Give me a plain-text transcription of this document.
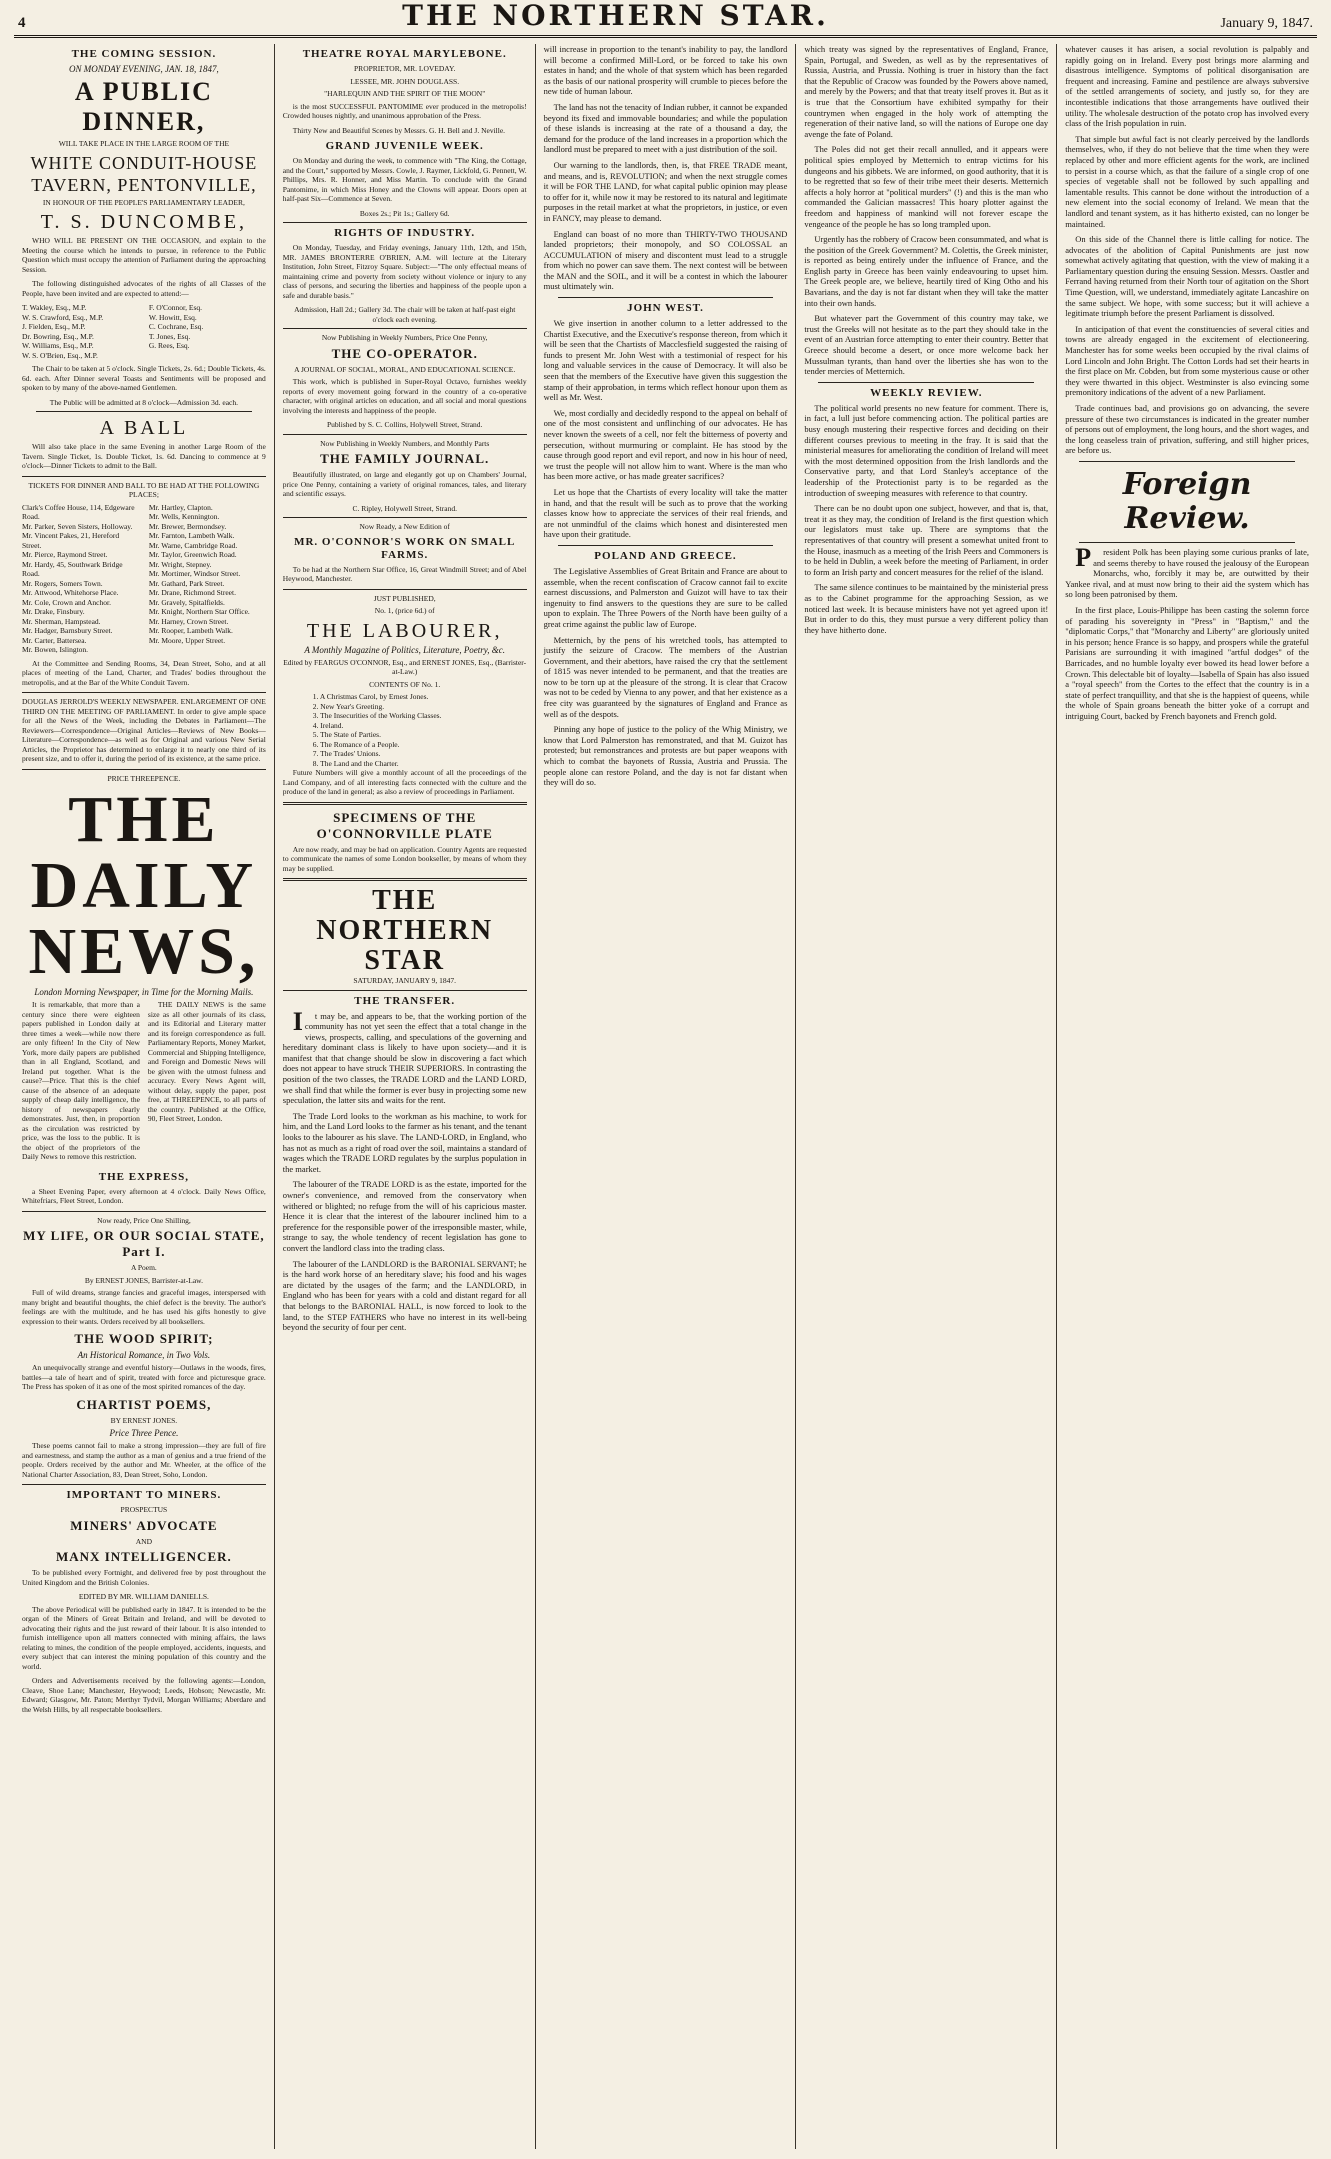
4	THE NORTHERN STAR.	January 9, 1847.
THE COMING SESSION.
ON MONDAY EVENING, JAN. 18, 1847,
A PUBLIC DINNER,
WILL TAKE PLACE IN THE LARGE ROOM OF THE
WHITE CONDUIT-HOUSE TAVERN, PENTONVILLE,
IN HONOUR OF THE PEOPLE'S PARLIAMENTARY LEADER,
T. S. DUNCOMBE,

WHO WILL BE PRESENT ON THE OCCASION, and explain to the Meeting the course which he intends to pursue, in reference to the Public Question which must occupy the attention of Parliament during the approaching Session.

The following distinguished advocates of the rights of all Classes of the People, have been invited and are expected to attend:—

T. Wakley, Esq., M.P.
W. S. Crawford, Esq., M.P.
J. Fielden, Esq., M.P.
Dr. Bowring, Esq., M.P.
W. Williams, Esq., M.P.
W. S. O'Brien, Esq., M.P.
F. O'Connor, Esq.
W. Howitt, Esq.
C. Cochrane, Esq.
T. Jones, Esq.
G. Rees, Esq.

The Chair to be taken at 5 o'clock. Single Tickets, 2s. 6d.; Double Tickets, 4s. 6d. each. After Dinner several Toasts and Sentiments will be proposed and spoken to by many of the above-named Gentlemen.

The Public will be admitted at 8 o'clock—Admission 3d. each.
A BALL

Will also take place in the same Evening in another Large Room of the Tavern. Single Ticket, 1s. Double Ticket, 1s. 6d. Dancing to commence at 9 o'clock—Dinner Tickets to admit to the Ball.

TICKETS FOR DINNER AND BALL TO BE HAD AT THE FOLLOWING PLACES;
Clark's Coffee House, 114, Edgeware Road.
Mr. Parker, Seven Sisters, Holloway.
Mr. Vincent Pakes, 21, Hereford Street.
Mr. Pierce, Raymond Street.
Mr. Hardy, 45, Southwark Bridge Road.
Mr. Rogers, Somers Town.
Mr. Attwood, Whitehorse Place.
Mr. Cole, Crown and Anchor.
Mr. Drake, Finsbury.
Mr. Sherman, Hampstead.
Mr. Hadger, Barnsbury Street.
Mr. Carter, Battersea.
Mr. Bowen, Islington.
Mr. Hartley, Clapton.
Mr. Wells, Kennington.
Mr. Brewer, Bermondsey.
Mr. Farnton, Lambeth Walk.
Mr. Warne, Cambridge Road.
Mr. Taylor, Greenwich Road.
Mr. Wright, Stepney.
Mr. Mortimer, Windsor Street.
Mr. Gathard, Park Street.
Mr. Drane, Richmond Street.
Mr. Gravely, Spitalfields.
Mr. Knight, Northern Star Office.
Mr. Harney, Crown Street.
Mr. Rooper, Lambeth Walk.
Mr. Moore, Upper Street.

At the Committee and Sending Rooms, 34, Dean Street, Soho, and at all places of meeting of the Land, Charter, and Trades' bodies throughout the metropolis, and at the Bar of the White Conduit Tavern.

DOUGLAS JERROLD'S WEEKLY NEWSPAPER. ENLARGEMENT OF ONE THIRD ON THE MEETING OF PARLIAMENT. In order to give ample space for all the News of the Week, including the Debates in Parliament—The Reviewers—Correspondence—Original Articles—Reviews of New Books—Literature—Correspondence—as well as for Original and various New Serial Articles, the Proprietor has determined to enlarge it to nearly one third of its present size, and to offer it, during the period of its existence, at the same price.

PRICE THREEPENCE.
THE DAILY NEWS,
London Morning Newspaper, in Time for the Morning Mails.

It is remarkable, that more than a century since there were eighteen papers published in London daily at three times a week—while now there are only fifteen! In the City of New York, more daily papers are published than in all England, Scotland, and Ireland put together. What is the cause?—Price. That this is the chief cause of the absence of an adequate supply of cheap daily intelligence, the history of newspapers clearly demonstrates. Just, then, in proportion as the circulation was restricted by price, was the loss to the public. It is the object of the proprietors of the Daily News to remove this restriction.

THE DAILY NEWS is the same size as all other journals of its class, and its Editorial and Literary matter and its foreign correspondence as full. Parliamentary Reports, Money Market, Commercial and Shipping Intelligence, and Foreign and Domestic News will be given with the utmost fulness and accuracy. Every News Agent will, without delay, supply the paper, post free, at THREEPENCE, to all parts of the country. Published at the Office, 90, Fleet Street, London.

THE EXPRESS,

a Sheet Evening Paper, every afternoon at 4 o'clock. Daily News Office, Whitefriars, Fleet Street, London.

Now ready, Price One Shilling,
MY LIFE, OR OUR SOCIAL STATE, Part I.
A Poem.
By ERNEST JONES, Barrister-at-Law.

Full of wild dreams, strange fancies and graceful images, interspersed with many bright and beautiful thoughts, the chief defect is the brevity. The author's feelings are with the multitude, and he has used his gifts honestly to give expression to their wants. Orders received by all booksellers.

THE WOOD SPIRIT;
An Historical Romance, in Two Vols.

An unequivocally strange and eventful history—Outlaws in the woods, fires, battles—a tale of heart and of spirit, treated with force and picturesque grace. The Press has spoken of it as one of the most spirited romances of the day.

CHARTIST POEMS,
BY ERNEST JONES.
Price Three Pence.

These poems cannot fail to make a strong impression—they are full of fire and earnestness, and stamp the author as a man of genius and a true friend of the people. Orders received by the author and Mr. Wheeler, at the office of the National Charter Association, 83, Dean Street, Soho, London.

IMPORTANT TO MINERS.
PROSPECTUS
MINERS' ADVOCATE
AND
MANX INTELLIGENCER.

To be published every Fortnight, and delivered free by post throughout the United Kingdom and the British Colonies.

EDITED BY MR. WILLIAM DANIELLS.

The above Periodical will be published early in 1847. It is intended to be the organ of the Miners of Great Britain and Ireland, and will be devoted to advocating their rights and the just reward of their labour. It is also intended to furnish intelligence upon all matters connected with mining affairs, the laws relating to mines, the condition of the people employed, accidents, inquests, and every subject that can interest the mining population of this country and the world.

Orders and Advertisements received by the following agents:—London, Cleave, Shoe Lane; Manchester, Heywood; Leeds, Hobson; Newcastle, Mr. Edward; Glasgow, Mr. Paton; Merthyr Tydvil, Morgan Williams; Aberdare and the Welsh Hills, by all respectable booksellers.

THEATRE ROYAL MARYLEBONE.
PROPRIETOR, MR. LOVEDAY.
LESSEE, MR. JOHN DOUGLASS.
"HARLEQUIN AND THE SPIRIT OF THE MOON"

is the most SUCCESSFUL PANTOMIME ever produced in the metropolis! Crowded houses nightly, and unanimous approbation of the Press.

Thirty New and Beautiful Scenes by Messrs. G. H. Bell and J. Neville.

GRAND JUVENILE WEEK.

On Monday and during the week, to commence with "The King, the Cottage, and the Court," supported by Messrs. Cowle, J. Raymer, Lickfold, G. Pennett, W. Phillips, Mrs. R. Honner, and Miss Martin. To conclude with the Grand Pantomime, in which Miss Honey and the Clowns will appear. Doors open at half-past Six—Commence at Seven.

Boxes 2s.; Pit 1s.; Gallery 6d.
RIGHTS OF INDUSTRY.

On Monday, Tuesday, and Friday evenings, January 11th, 12th, and 15th, MR. JAMES BRONTERRE O'BRIEN, A.M. will lecture at the Literary Institution, John Street, Fitzroy Square. Subject:—"The only effectual means of maintaining crime and poverty from society without violence or injury to any class of persons, and securing the liberties and happiness of the people upon a safe and durable basis."

Admission, Hall 2d.; Gallery 3d. The chair will be taken at half-past eight o'clock each evening.
Now Publishing in Weekly Numbers, Price One Penny,
THE CO-OPERATOR.
A JOURNAL OF SOCIAL, MORAL, AND EDUCATIONAL SCIENCE.

This work, which is published in Super-Royal Octavo, furnishes weekly reports of every movement going forward in the country of a co-operative character, with original articles on education, and all social and moral questions involving the interests and happiness of the people.

Published by S. C. Collins, Holywell Street, Strand.
Now Publishing in Weekly Numbers, and Monthly Parts
THE FAMILY JOURNAL.

Beautifully illustrated, on large and elegantly got up on Chambers' Journal, price One Penny, containing a variety of original romances, tales, and literary and scientific essays.

C. Ripley, Holywell Street, Strand.
Now Ready, a New Edition of
MR. O'CONNOR'S WORK ON SMALL FARMS.

To be had at the Northern Star Office, 16, Great Windmill Street; and of Abel Heywood, Manchester.

JUST PUBLISHED,
No. 1, (price 6d.) of
THE LABOURER,
A Monthly Magazine of Politics, Literature, Poetry, &c.
Edited by FEARGUS O'CONNOR, Esq., and ERNEST JONES, Esq., (Barrister-at-Law.)
CONTENTS OF No. 1.
1. A Christmas Carol, by Ernest Jones.
2. New Year's Greeting.
3. The Insecurities of the Working Classes.
4. Ireland.
5. The State of Parties.
6. The Romance of a People.
7. The Trades' Unions.
8. The Land and the Charter.

Future Numbers will give a monthly account of all the proceedings of the Land Company, and of all interesting facts connected with the culture and the produce of the land in general; as also a review of proceedings in Parliament.

SPECIMENS OF THE O'CONNORVILLE PLATE

Are now ready, and may be had on application. Country Agents are requested to communicate the names of some London bookseller, by means of whom they may be supplied.

THE NORTHERN STAR
SATURDAY, JANUARY 9, 1847.
THE TRANSFER.

It may be, and appears to be, that the working portion of the community has not yet seen the effect that a total change in the views, prospects, calling, and speculations of the governing and hereditary dominant class is likely to have upon society—and it is manifest that that change should be slow in discovering a fact which does not appear to have struck THEIR SUPERIORS. In contrasting the position of the two classes, the TRADE LORD and the LAND LORD, we shall find that while the former is ever busy in projecting some new speculation, the latter sits and waits for the rent.

The Trade Lord looks to the workman as his machine, to work for him, and the Land Lord looks to the farmer as his tenant, and the tenant looks to the labourer as his slave. The LAND-LORD, in England, who has not as much as a right of road over the soil, maintains a standard of wages which the TRADE LORD regulates by the surplus population in the market.

The labourer of the TRADE LORD is as the estate, imported for the owner's convenience, and removed from the conservatory when withered or blighted; no refuge from the will of his capricious master. Hence it is clear that the interest of the labourer inclined him to a preference for the responsible power of the irresponsible master, while, strange to say, the whole tendency of recent legislation has gone to convert the landlord class into the trading class.

The labourer of the LANDLORD is the BARONIAL SERVANT; he is the hard work horse of an hereditary slave; his food and his wages are dictated by the usages of the farm; and the LANDLORD, in England who has been for years with a cold and distant regard for all that belongs to the BARONIAL HALL, is now forced to look to the land, to the STEP FATHERS who have no interest in its well-being beyond the security of four per cent.

will increase in proportion to the tenant's inability to pay, the landlord will become a confirmed Mill-Lord, or be forced to take his own estates in hand; and the whole of that system which has been regarded as the basis of our national prosperity will crumble to pieces before the new tide of human labour.

The land has not the tenacity of Indian rubber, it cannot be expanded beyond its fixed and immovable boundaries; and while the population of these islands is increasing at the rate of a thousand a day, the demand for the produce of the land increases in a proportion which the landlord must be prepared to meet with a just distribution of the soil.

Our warning to the landlords, then, is, that FREE TRADE meant, and means, and is, REVOLUTION; and when the next struggle comes it will be FOR THE LAND, for what capital public opinion may please to offer for it, while now it may be restored to its natural and legitimate purposes in the retail market at what the proprietors, in justice, or even in FANCY, may please to demand.

England can boast of no more than THIRTY-TWO THOUSAND landed proprietors; their monopoly, and SO COLOSSAL an ACCUMULATION of misery and discontent must lead to a struggle from which no power can save them. The next contest will be between the MAN and the SOIL, and it will be a contest in which the labourer must ultimately win.

JOHN WEST.

We give insertion in another column to a letter addressed to the Chartist Executive, and the Executive's response thereon, from which it will be seen that the Chartists of Macclesfield suggested the raising of funds to present Mr. John West with a testimonial of respect for his long and valuable services in the cause of Democracy. It will also be seen that the members of the Executive have given this suggestion the stamp of their approbation, in terms which reflect honour upon them as well as Mr. West.

We, most cordially and decidedly respond to the appeal on behalf of one of the most consistent and unflinching of our advocates. He has never known the sweets of a cell, nor felt the bitterness of poverty and persecution, without murmuring or complaint. He has stood by the cause through good report and evil report, and now in his hour of need, we trust the people will not allow him to want. Where is the man who has been more active, or has made greater sacrifices?

Let us hope that the Chartists of every locality will take the matter in hand, and that the result will be such as to prove that the working classes know how to appreciate the services of their real friends, and are not unmindful of the claims which honest and disinterested men have upon their gratitude.

POLAND AND GREECE.

The Legislative Assemblies of Great Britain and France are about to assemble, when the recent confiscation of Cracow cannot fail to excite earnest discussions, and Palmerston and Guizot will have to tax their ingenuity to find answers to the questions they are sure to be called upon to explain. The Three Powers of the North have been guilty of a great crime against the public law of Europe.

Metternich, by the pens of his wretched tools, has attempted to justify the seizure of Cracow. The members of the Austrian Government, and their abettors, have raised the cry that the settlement of 1815 was never intended to be permanent, and that the treaties are now to be torn up at the pleasure of the strong. It is clear that Cracow was not to be ceded by Vienna to any power, and that her existence as a free city was guaranteed by the signatures of England and France as well as of the despots.

Pinning any hope of justice to the policy of the Whig Ministry, we know that Lord Palmerston has remonstrated, and that M. Guizot has protested; but remonstrances and protests are but paper weapons with which to combat the bayonets of Russia, Austria and Prussia. The people alone can restore Poland, and the day is not far distant when they will do so.

which treaty was signed by the representatives of England, France, Spain, Portugal, and Sweden, as well as by the representatives of Russia, Austria, and Prussia. Nothing is truer in history than the fact that the Republic of Cracow was founded by the Powers above named, and merely by the Powers; and that that treaty itself proves it. But as it is true that the Consortium have exhibited sympathy for their countrymen when engaged in the holy work of attempting the regeneration of their native land, so will the nations of Europe one day avenge the fate of Poland.

The Poles did not get their recall annulled, and it appears were political spies employed by Metternich to entrap victims for his dungeons and his gibbets. We are informed, on good authority, that it is to be regretted that so few of their tribe meet their deserts. Metternich affects a holy horror at "political murders" (!) and this is the man who commanded the Galician massacres! This hoary plotter against the freedom and happiness of mankind will not forever escape the vengeance of the people he has so long trampled upon.

Urgently has the robbery of Cracow been consummated, and what is the position of the Greek Government? M. Colettis, the Greek minister, is reported as being entirely under the influence of France, and the English party in Greece has been vainly endeavouring to upset him. The Greek people are, we believe, heartily tired of King Otho and his Bavarians, and the day is not far distant when they will take the matter into their own hands.

But whatever part the Government of this country may take, we trust the Greeks will not hesitate as to the part they should take in the event of an Austrian force attempting to enter their country. Better that Greece should become a desert, or once more welcome back her Mussulman tyrants, than hand over the liberties she has won to the tender mercies of Metternich.

WEEKLY REVIEW.

The political world presents no new feature for comment. There is, in fact, a lull just before commencing action. The political parties are busy enough mustering their respective forces and deciding on their different courses previous to meeting in the fray. It is said that the ministerial measures for ameliorating the condition of Ireland will meet with the most determined opposition from the Irish landlords and the Conservative party, and that Lord Stanley's acceptance of the leadership of the Protectionist party is to be regarded as the introduction of sweeping measures with reference to that country.

There can be no doubt upon one subject, however, and that is, that, treat it as they may, the condition of Ireland is the first question which our legislators must take up. There are symptoms that the representatives of that country will present a somewhat united front to the House, inasmuch as a meeting of the Irish Peers and Commoners is to be held in Dublin, a week before the meeting of Parliament, in order to form an Irish party and concert measures for the relief of the island.

The same silence continues to be maintained by the ministerial press as to the Cabinet programme for the approaching Session, as we noticed last week. It is because ministers have not yet agreed upon it! But in order to do this, they must pursue a very different policy than they have hitherto done.

whatever causes it has arisen, a social revolution is palpably and rapidly going on in Ireland. Every post brings more alarming and disastrous intelligence. Symptoms of political disorganisation are frequent and increasing. Famine and pestilence are always subversive of the settled arrangements of society, and justly so, for they are incontestible indications that those arrangements have outlived their utility. The wholesale destruction of the potato crop has involved every class of the Irish population in ruin.

That simple but awful fact is not clearly perceived by the landlords themselves, who, if they do not believe that the time when they were replaced by other and more efficient agents for the work, are inclined to persist in a course which, as that the failure of a single crop of one species of vegetable shall not be followed by such appalling and lamentable results. This cannot be done without the introduction of a new element into the social economy of Ireland. We mean that the landlord and tenant system, as it has hitherto existed, can no longer be maintained.

On this side of the Channel there is little calling for notice. The advocates of the abolition of Capital Punishments are just now somewhat actively agitating that question, with the view of making it a Parliamentary question during the ensuing Session. Messrs. Oastler and Ferrand having returned from their North tour of agitation on the Short Time Question, will, we understand, immediately agitate Lancashire on the same subject. We hope, with some success; but it will achieve a legitimate triumph before the present Parliament is dissolved.

In anticipation of that event the constituencies of several cities and towns are already engaged in the excitement of electioneering. Manchester has for some weeks been occupied by the rival claims of Lord Lincoln and John Bright. The Cotton Lords had set their hearts in the first place on Mr. Cobden, but from some mysterious cause or other they were thwarted in this object. Westminster is also evincing some premonitory indications of the advent of a new Parliament.

Trade continues bad, and provisions go on advancing, the severe pressure of these two circumstances is indicated in the greater number of persons out of employment, the long hours, and the short wages, and the long ceaseless train of privation, suffering, and still higher prices, are before us.

Foreign Review.

President Polk has been playing some curious pranks of late, and seems thereby to have roused the jealousy of the European Monarchs, who, forcibly it may be, are outwitted by their Yankee rival, and at must now bring to their aid the system which has so long been patronised by them.

In the first place, Louis-Philippe has been casting the solemn force of parading his sovereignty in "Press" in "Baptism," and the "diplomatic Corps," that "Monarchy and Liberty" are gloriously united in his person; hence France is so happy, and prospers while the grateful Parisians are surrounding it with imagined "artful dodges" of the Barricades, and no humble loyalty ever bowed its head lower before a Crown. This delectable bit of loyalty—Isabella of Spain has also issued a "royal speech" from the Cortes to the effect that the country is in a state of perfect tranquillity, and that she is the happiest of queens, while the whole of Spain groans beneath the bitter yoke of a corrupt and intriguing Court, backed by French bayonets and French gold.
